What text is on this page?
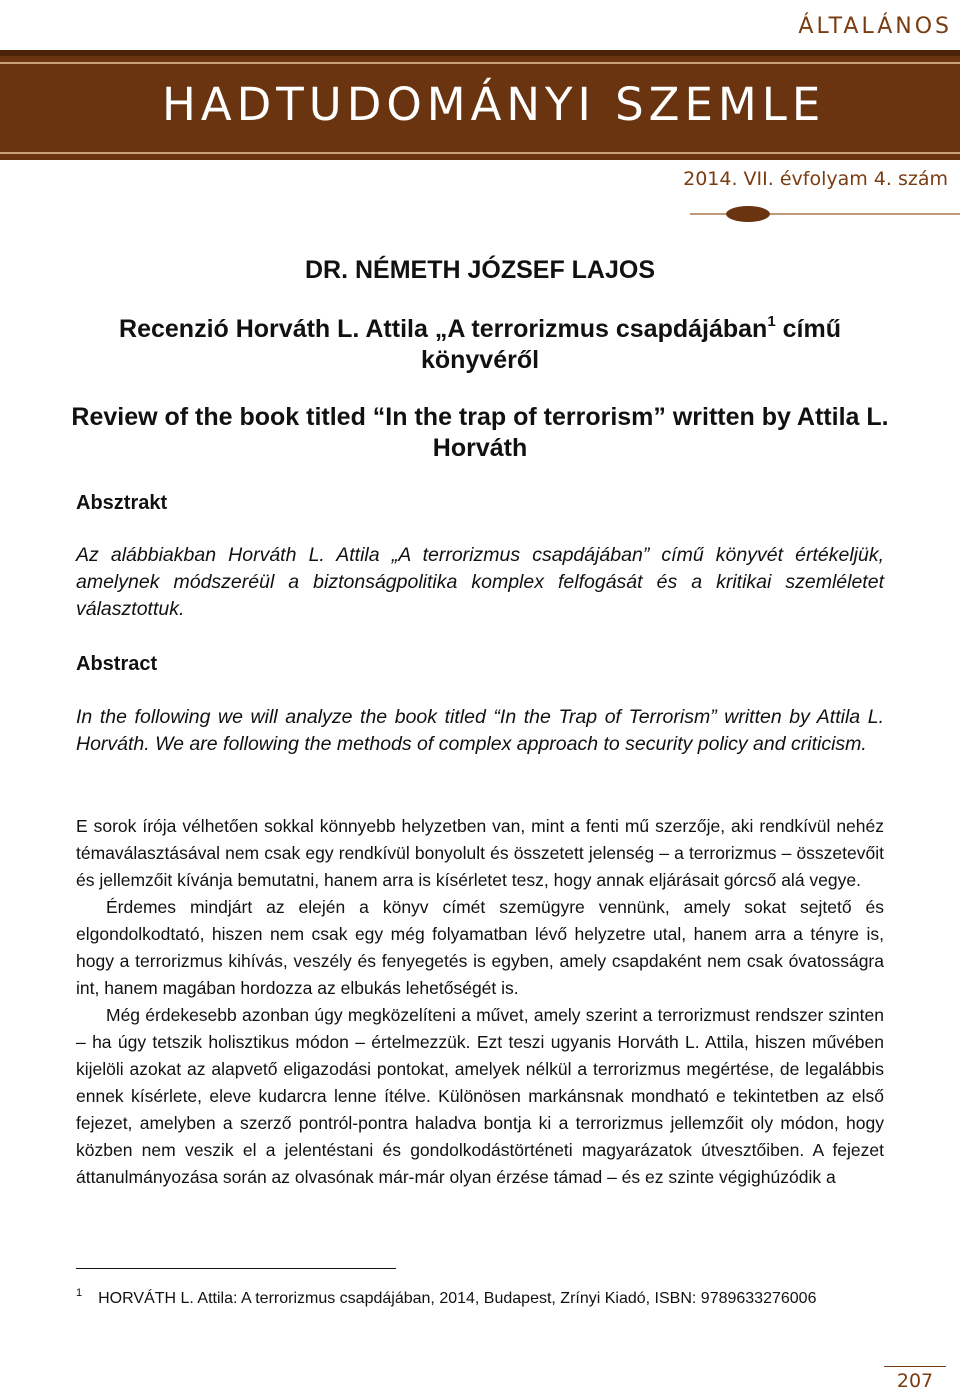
ÁLTALÁNOS
HADTUDOMÁNYI SZEMLE
2014. VII. évfolyam 4. szám
DR. NÉMETH JÓZSEF LAJOS
Recenzió Horváth L. Attila „A terrorizmus csapdájában$^1$ című könyvéről
Review of the book titled “In the trap of terrorism” written by Attila L. Horváth
Absztrakt
Az alábbiakban Horváth L. Attila „A terrorizmus csapdájában” című könyvét értékeljük, amelynek módszeréül a biztonságpolitika komplex felfogását és a kritikai szemléletet választottuk.
Abstract
In the following we will analyze the book titled “In the Trap of Terrorism” written by Attila L. Horváth. We are following the methods of complex approach to security policy and criticism.

E sorok írója vélhetően sokkal könnyebb helyzetben van, mint a fenti mű szerzője, aki rendkívül nehéz témaválasztásával nem csak egy rendkívül bonyolult és összetett jelenség – a terrorizmus – összetevőit és jellemzőit kívánja bemutatni, hanem arra is kísérletet tesz, hogy annak eljárásait górcső alá vegye.

Érdemes mindjárt az elején a könyv címét szemügyre vennünk, amely sokat sejtető és elgondolkodtató, hiszen nem csak egy még folyamatban lévő helyzetre utal, hanem arra a tényre is, hogy a terrorizmus kihívás, veszély és fenyegetés is egyben, amely csapdaként nem csak óvatosságra int, hanem magában hordozza az elbukás lehetőségét is.

Még érdekesebb azonban úgy megközelíteni a művet, amely szerint a terrorizmust rendszer szinten – ha úgy tetszik holisztikus módon – értelmezzük. Ezt teszi ugyanis Horváth L. Attila, hiszen művében kijelöli azokat az alapvető eligazodási pontokat, amelyek nélkül a terrorizmus megértése, de legalábbis ennek kísérlete, eleve kudarcra lenne ítélve. Különösen markánsnak mondható e tekintetben az első fejezet, amelyben a szerző pontról-pontra haladva bontja ki a terrorizmus jellemzőit oly módon, hogy közben nem veszik el a jelentéstani és gondolkodástörténeti magyarázatok útvesztőiben. A fejezet áttanulmányozása során az olvasónak már-már olyan érzése támad – és ez szinte végighúzódik a

$^1$ HORVÁTH L. Attila: A terrorizmus csapdájában, 2014, Budapest, Zrínyi Kiadó, ISBN: 9789633276006
207
